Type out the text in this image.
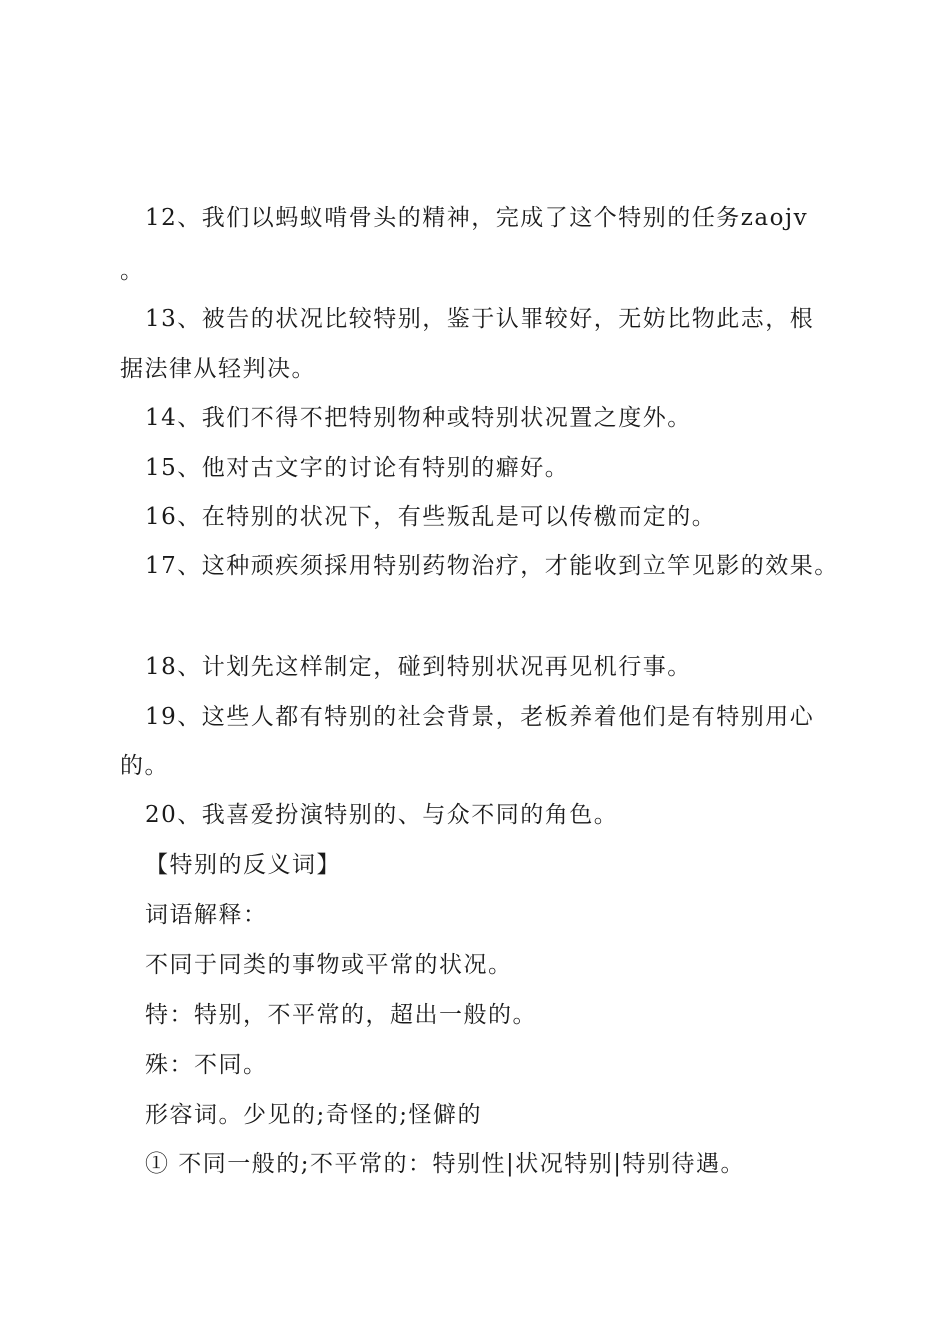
12、我们以蚂蚁啃骨头的精神，完成了这个特别的任务zaojv
。
13、被告的状况比较特别，鉴于认罪较好，无妨比物此志，根
据法律从轻判决。
14、我们不得不把特别物种或特别状况置之度外。
15、他对古文字的讨论有特别的癖好。
16、在特别的状况下，有些叛乱是可以传檄而定的。
17、这种顽疾须採用特别药物治疗，才能收到立竿见影的效果。
18、计划先这样制定，碰到特别状况再见机行事。
19、这些人都有特别的社会背景，老板养着他们是有特别用心
的。
20、我喜爱扮演特别的、与众不同的角色。
【特别的反义词】
词语解释：
不同于同类的事物或平常的状况。
特：特别，不平常的，超出一般的。
殊：不同。
形容词。少见的;奇怪的;怪僻的
① 不同一般的;不平常的：特别性|状况特别|特别待遇。
